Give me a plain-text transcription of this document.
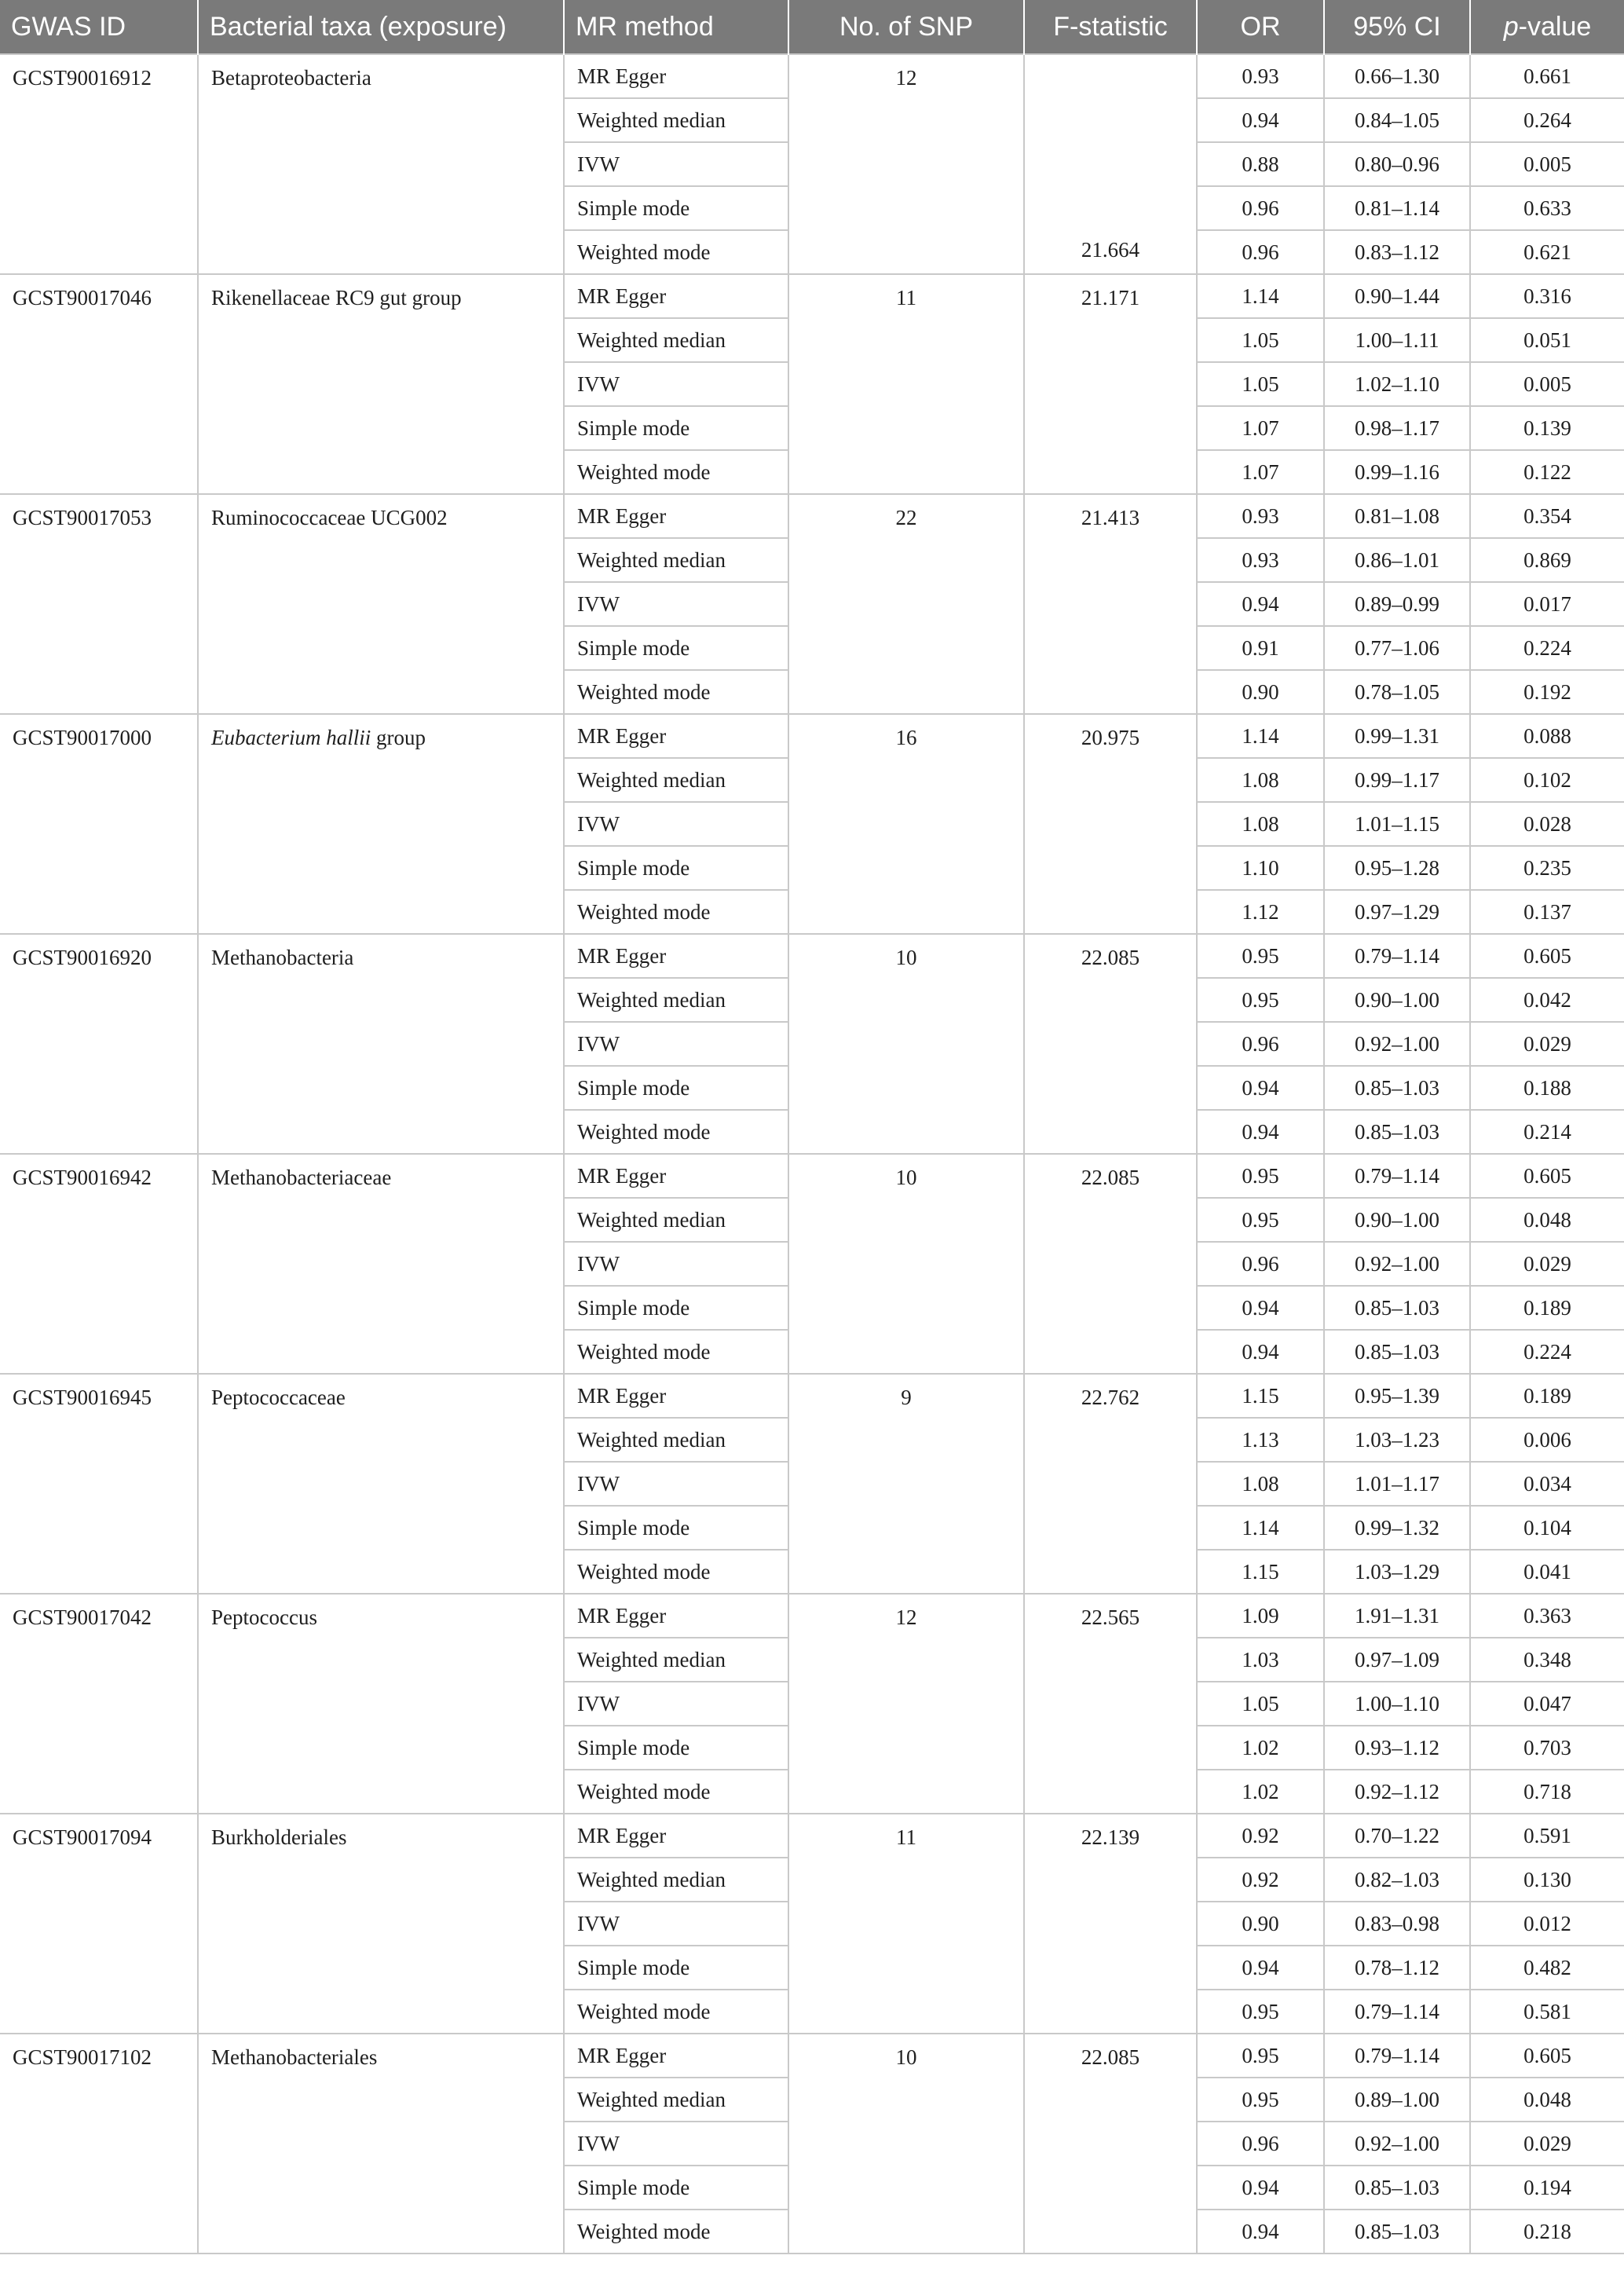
GWAS ID	Bacterial taxa (exposure)	MR method	No. of SNP	F-statistic	OR	95% CI	p-value
GCST90016912	Betaproteobacteria	MR Egger	12	21.664	0.93	0.66–1.30	0.661
		Weighted median			0.94	0.84–1.05	0.264
		IVW			0.88	0.80–0.96	0.005
		Simple mode			0.96	0.81–1.14	0.633
		Weighted mode			0.96	0.83–1.12	0.621
GCST90017046	Rikenellaceae RC9 gut group	MR Egger	11	21.171	1.14	0.90–1.44	0.316
		Weighted median			1.05	1.00–1.11	0.051
		IVW			1.05	1.02–1.10	0.005
		Simple mode			1.07	0.98–1.17	0.139
		Weighted mode			1.07	0.99–1.16	0.122
GCST90017053	Ruminococcaceae UCG002	MR Egger	22	21.413	0.93	0.81–1.08	0.354
		Weighted median			0.93	0.86–1.01	0.869
		IVW			0.94	0.89–0.99	0.017
		Simple mode			0.91	0.77–1.06	0.224
		Weighted mode			0.90	0.78–1.05	0.192
GCST90017000	Eubacterium hallii group	MR Egger	16	20.975	1.14	0.99–1.31	0.088
		Weighted median			1.08	0.99–1.17	0.102
		IVW			1.08	1.01–1.15	0.028
		Simple mode			1.10	0.95–1.28	0.235
		Weighted mode			1.12	0.97–1.29	0.137
GCST90016920	Methanobacteria	MR Egger	10	22.085	0.95	0.79–1.14	0.605
		Weighted median			0.95	0.90–1.00	0.042
		IVW			0.96	0.92–1.00	0.029
		Simple mode			0.94	0.85–1.03	0.188
		Weighted mode			0.94	0.85–1.03	0.214
GCST90016942	Methanobacteriaceae	MR Egger	10	22.085	0.95	0.79–1.14	0.605
		Weighted median			0.95	0.90–1.00	0.048
		IVW			0.96	0.92–1.00	0.029
		Simple mode			0.94	0.85–1.03	0.189
		Weighted mode			0.94	0.85–1.03	0.224
GCST90016945	Peptococcaceae	MR Egger	9	22.762	1.15	0.95–1.39	0.189
		Weighted median			1.13	1.03–1.23	0.006
		IVW			1.08	1.01–1.17	0.034
		Simple mode			1.14	0.99–1.32	0.104
		Weighted mode			1.15	1.03–1.29	0.041
GCST90017042	Peptococcus	MR Egger	12	22.565	1.09	1.91–1.31	0.363
		Weighted median			1.03	0.97–1.09	0.348
		IVW			1.05	1.00–1.10	0.047
		Simple mode			1.02	0.93–1.12	0.703
		Weighted mode			1.02	0.92–1.12	0.718
GCST90017094	Burkholderiales	MR Egger	11	22.139	0.92	0.70–1.22	0.591
		Weighted median			0.92	0.82–1.03	0.130
		IVW			0.90	0.83–0.98	0.012
		Simple mode			0.94	0.78–1.12	0.482
		Weighted mode			0.95	0.79–1.14	0.581
GCST90017102	Methanobacteriales	MR Egger	10	22.085	0.95	0.79–1.14	0.605
		Weighted median			0.95	0.89–1.00	0.048
		IVW			0.96	0.92–1.00	0.029
		Simple mode			0.94	0.85–1.03	0.194
		Weighted mode			0.94	0.85–1.03	0.218
